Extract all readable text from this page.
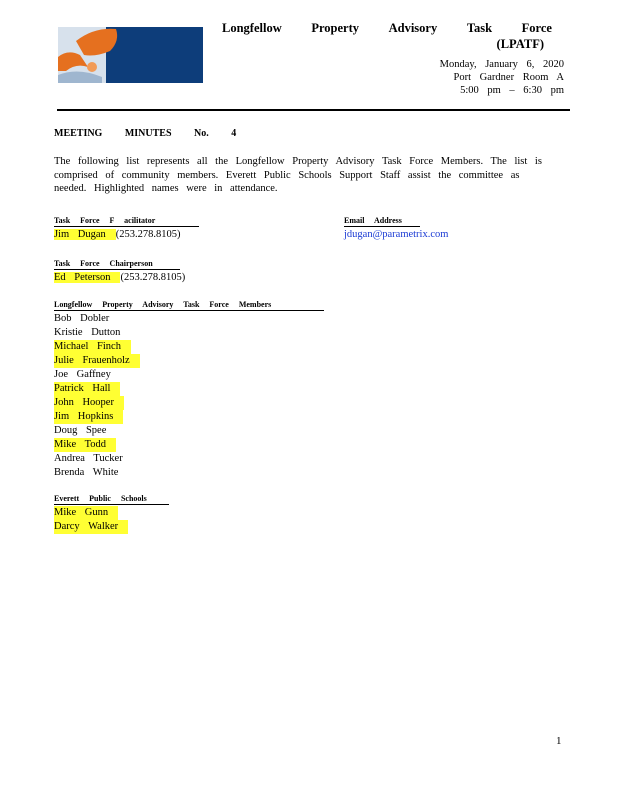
Longfellow Property Advisory Task Force
(LPATF)
Monday, January 6, 2020
Port Gardner Room A
5:00 pm – 6:30 pm
MEETING MINUTES No. 4
The following list represents all the Longfellow Property Advisory Task Force Members. The list is comprised of community members. Everett Public Schools Support Staff assist the committee as needed. Highlighted names were in attendance.
Task Force F acilitator
Jim Dugan (253.278.8105)
Email Address
jdugan@parametrix.com
Task Force Chairperson
Ed Peterson (253.278.8105)
Longfellow Property Advisory Task Force Members
Bob Dobler
Kristie Dutton
Michael Finch
Julie Frauenholz
Joe Gaffney
Patrick Hall
John Hooper
Jim Hopkins
Doug Spee
Mike Todd
Andrea Tucker
Brenda White
Everett Public Schools
Mike Gunn
Darcy Walker
1
